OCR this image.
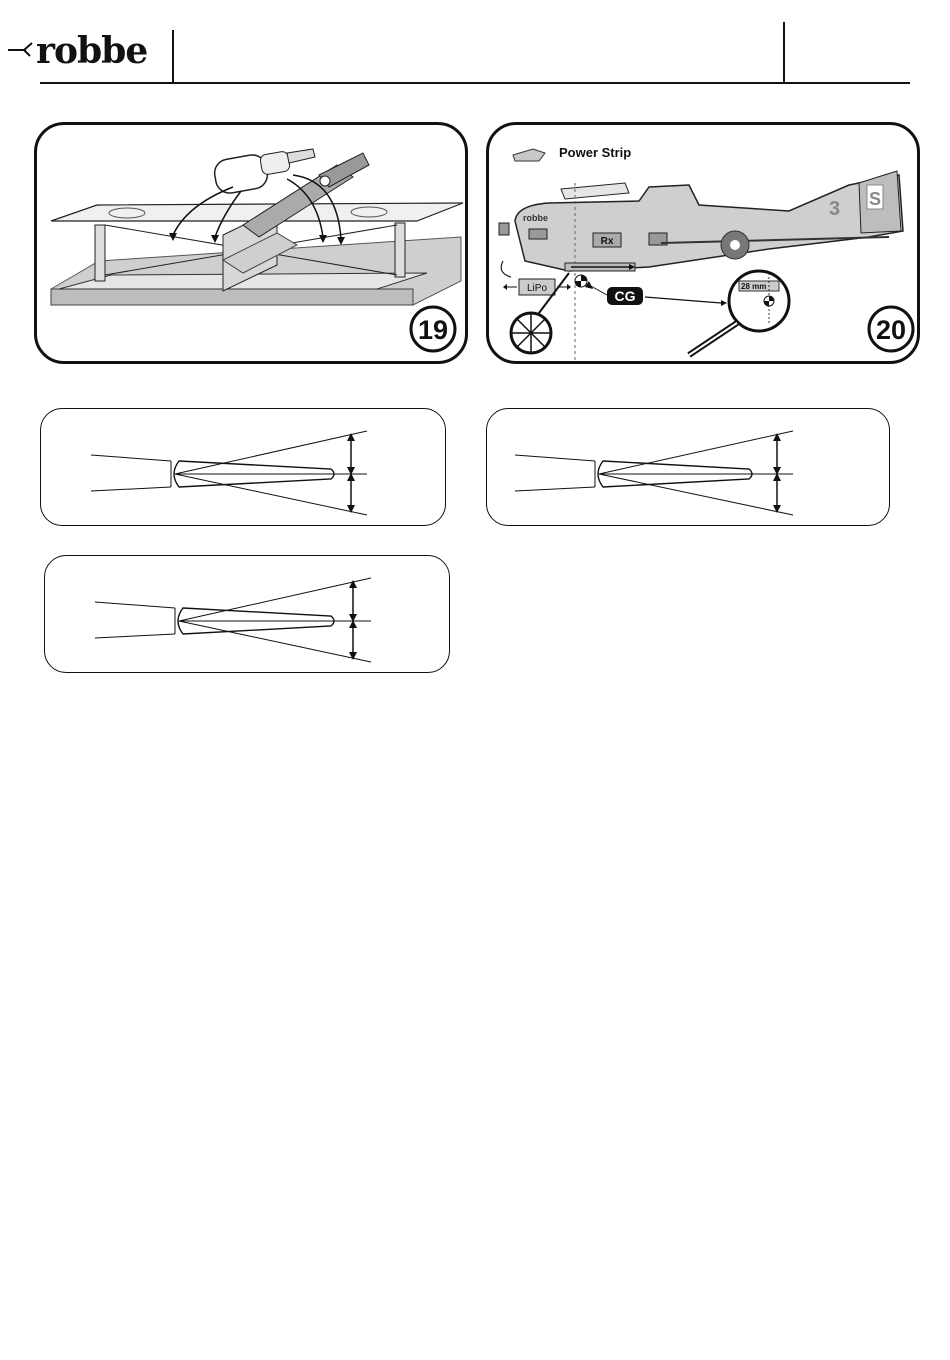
robbe
19
Power Strip
3 S
robbe
Rx
LiPo	CG
28 mm
20
